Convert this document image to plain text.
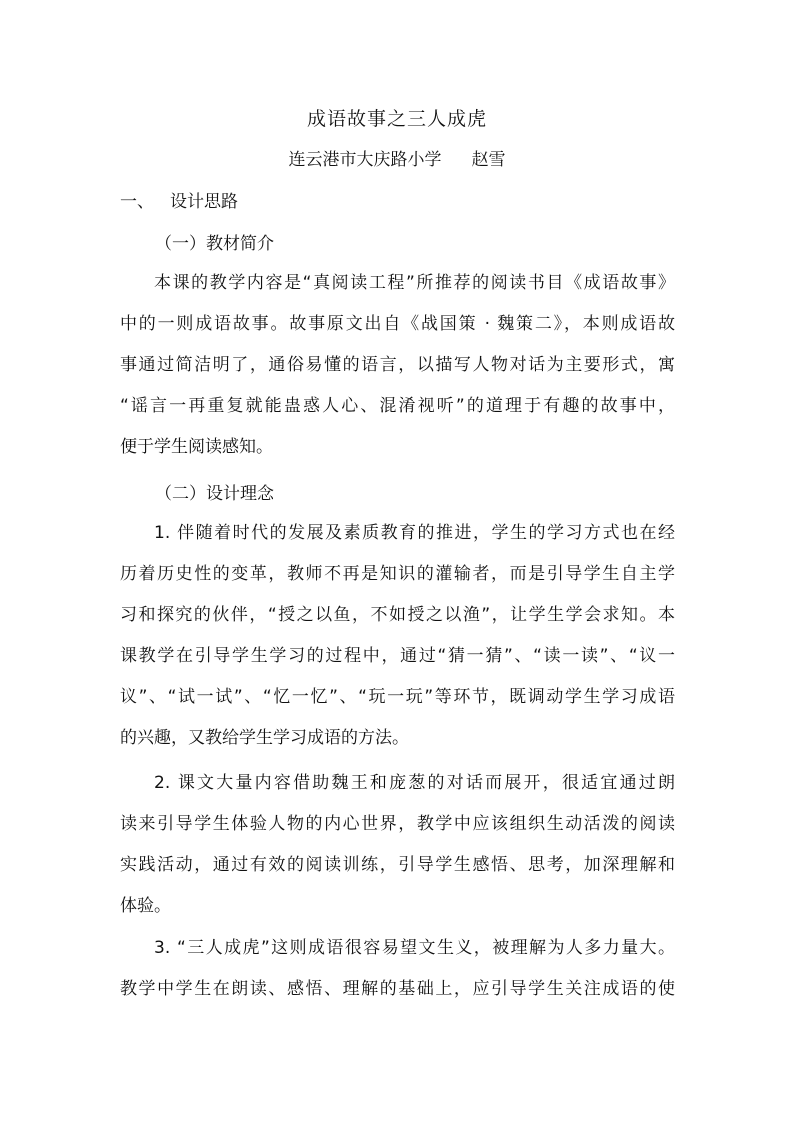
成语故事之三人成虎
连云港市大庆路小学 赵雪
一、 设计思路
（一）教材简介
本课的教学内容是“真阅读工程”所推荐的阅读书目《成语故事》
中的一则成语故事。故事原文出自《战国策 · 魏策二》，本则成语故
事通过简洁明了，通俗易懂的语言，以描写人物对话为主要形式，寓
“谣言一再重复就能蛊惑人心、混淆视听”的道理于有趣的故事中，
便于学生阅读感知。
（二）设计理念
1. 伴随着时代的发展及素质教育的推进，学生的学习方式也在经
历着历史性的变革，教师不再是知识的灌输者，而是引导学生自主学
习和探究的伙伴，“授之以鱼，不如授之以渔”，让学生学会求知。本
课教学在引导学生学习的过程中，通过“猜一猜”、“读一读”、“议一
议”、“试一试”、“忆一忆”、“玩一玩”等环节，既调动学生学习成语
的兴趣，又教给学生学习成语的方法。
2. 课文大量内容借助魏王和庞葱的对话而展开，很适宜通过朗
读来引导学生体验人物的内心世界，教学中应该组织生动活泼的阅读
实践活动，通过有效的阅读训练，引导学生感悟、思考，加深理解和
体验。
3. “三人成虎”这则成语很容易望文生义，被理解为人多力量大。
教学中学生在朗读、感悟、理解的基础上，应引导学生关注成语的使
